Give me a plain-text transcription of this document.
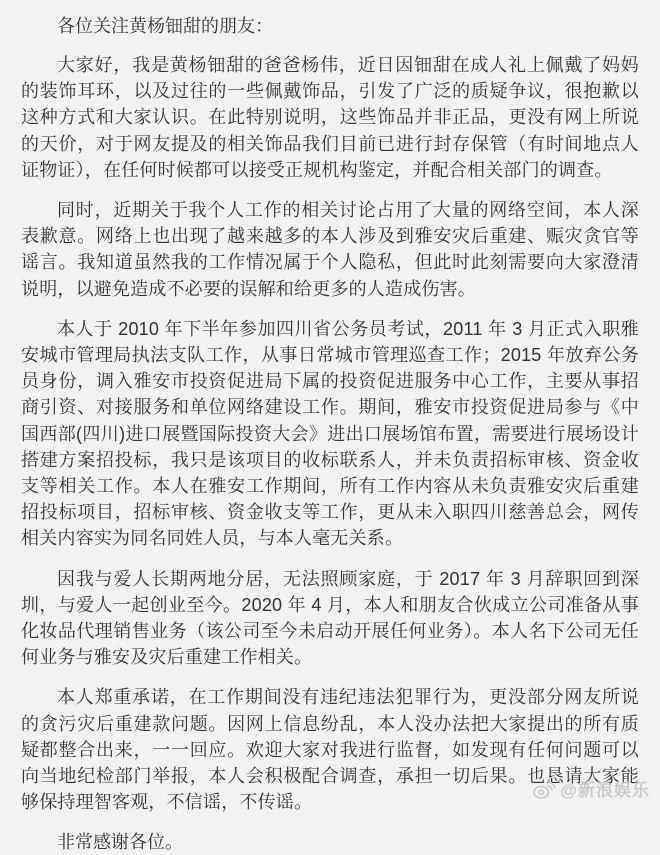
各位关注黄杨钿甜的朋友：

大家好，我是黄杨钿甜的爸爸杨伟，近日因钿甜在成人礼上佩戴了妈妈的装饰耳环，以及过往的一些佩戴饰品，引发了广泛的质疑争议，很抱歉以这种方式和大家认识。在此特别说明，这些饰品并非正品，更没有网上所说的天价，对于网友提及的相关饰品我们目前已进行封存保管（有时间地点人证物证），在任何时候都可以接受正规机构鉴定，并配合相关部门的调查。

同时，近期关于我个人工作的相关讨论占用了大量的网络空间，本人深表歉意。网络上也出现了越来越多的本人涉及到雅安灾后重建、赈灾贪官等谣言。我知道虽然我的工作情况属于个人隐私，但此时此刻需要向大家澄清说明，以避免造成不必要的误解和给更多的人造成伤害。

本人于 2010 年下半年参加四川省公务员考试，2011 年 3 月正式入职雅安城市管理局执法支队工作，从事日常城市管理巡查工作；2015 年放弃公务员身份，调入雅安市投资促进局下属的投资促进服务中心工作，主要从事招商引资、对接服务和单位网络建设工作。期间，雅安市投资促进局参与《中国西部(四川)进口展暨国际投资大会》进出口展场馆布置，需要进行展场设计搭建方案招投标，我只是该项目的收标联系人，并未负责招标审核、资金收支等相关工作。本人在雅安工作期间，所有工作内容从未负责雅安灾后重建招投标项目，招标审核、资金收支等工作，更从未入职四川慈善总会，网传相关内容实为同名同姓人员，与本人毫无关系。

因我与爱人长期两地分居，无法照顾家庭，于 2017 年 3 月辞职回到深圳，与爱人一起创业至今。2020 年 4 月，本人和朋友合伙成立公司准备从事化妆品代理销售业务（该公司至今未启动开展任何业务）。本人名下公司无任何业务与雅安及灾后重建工作相关。

本人郑重承诺，在工作期间没有违纪违法犯罪行为，更没部分网友所说的贪污灾后重建款问题。因网上信息纷乱，本人没办法把大家提出的所有质疑都整合出来，一一回应。欢迎大家对我进行监督，如发现有任何问题可以向当地纪检部门举报，本人会积极配合调查，承担一切后果。也恳请大家能够保持理智客观，不信谣，不传谣。

非常感谢各位。
@新浪娱乐
